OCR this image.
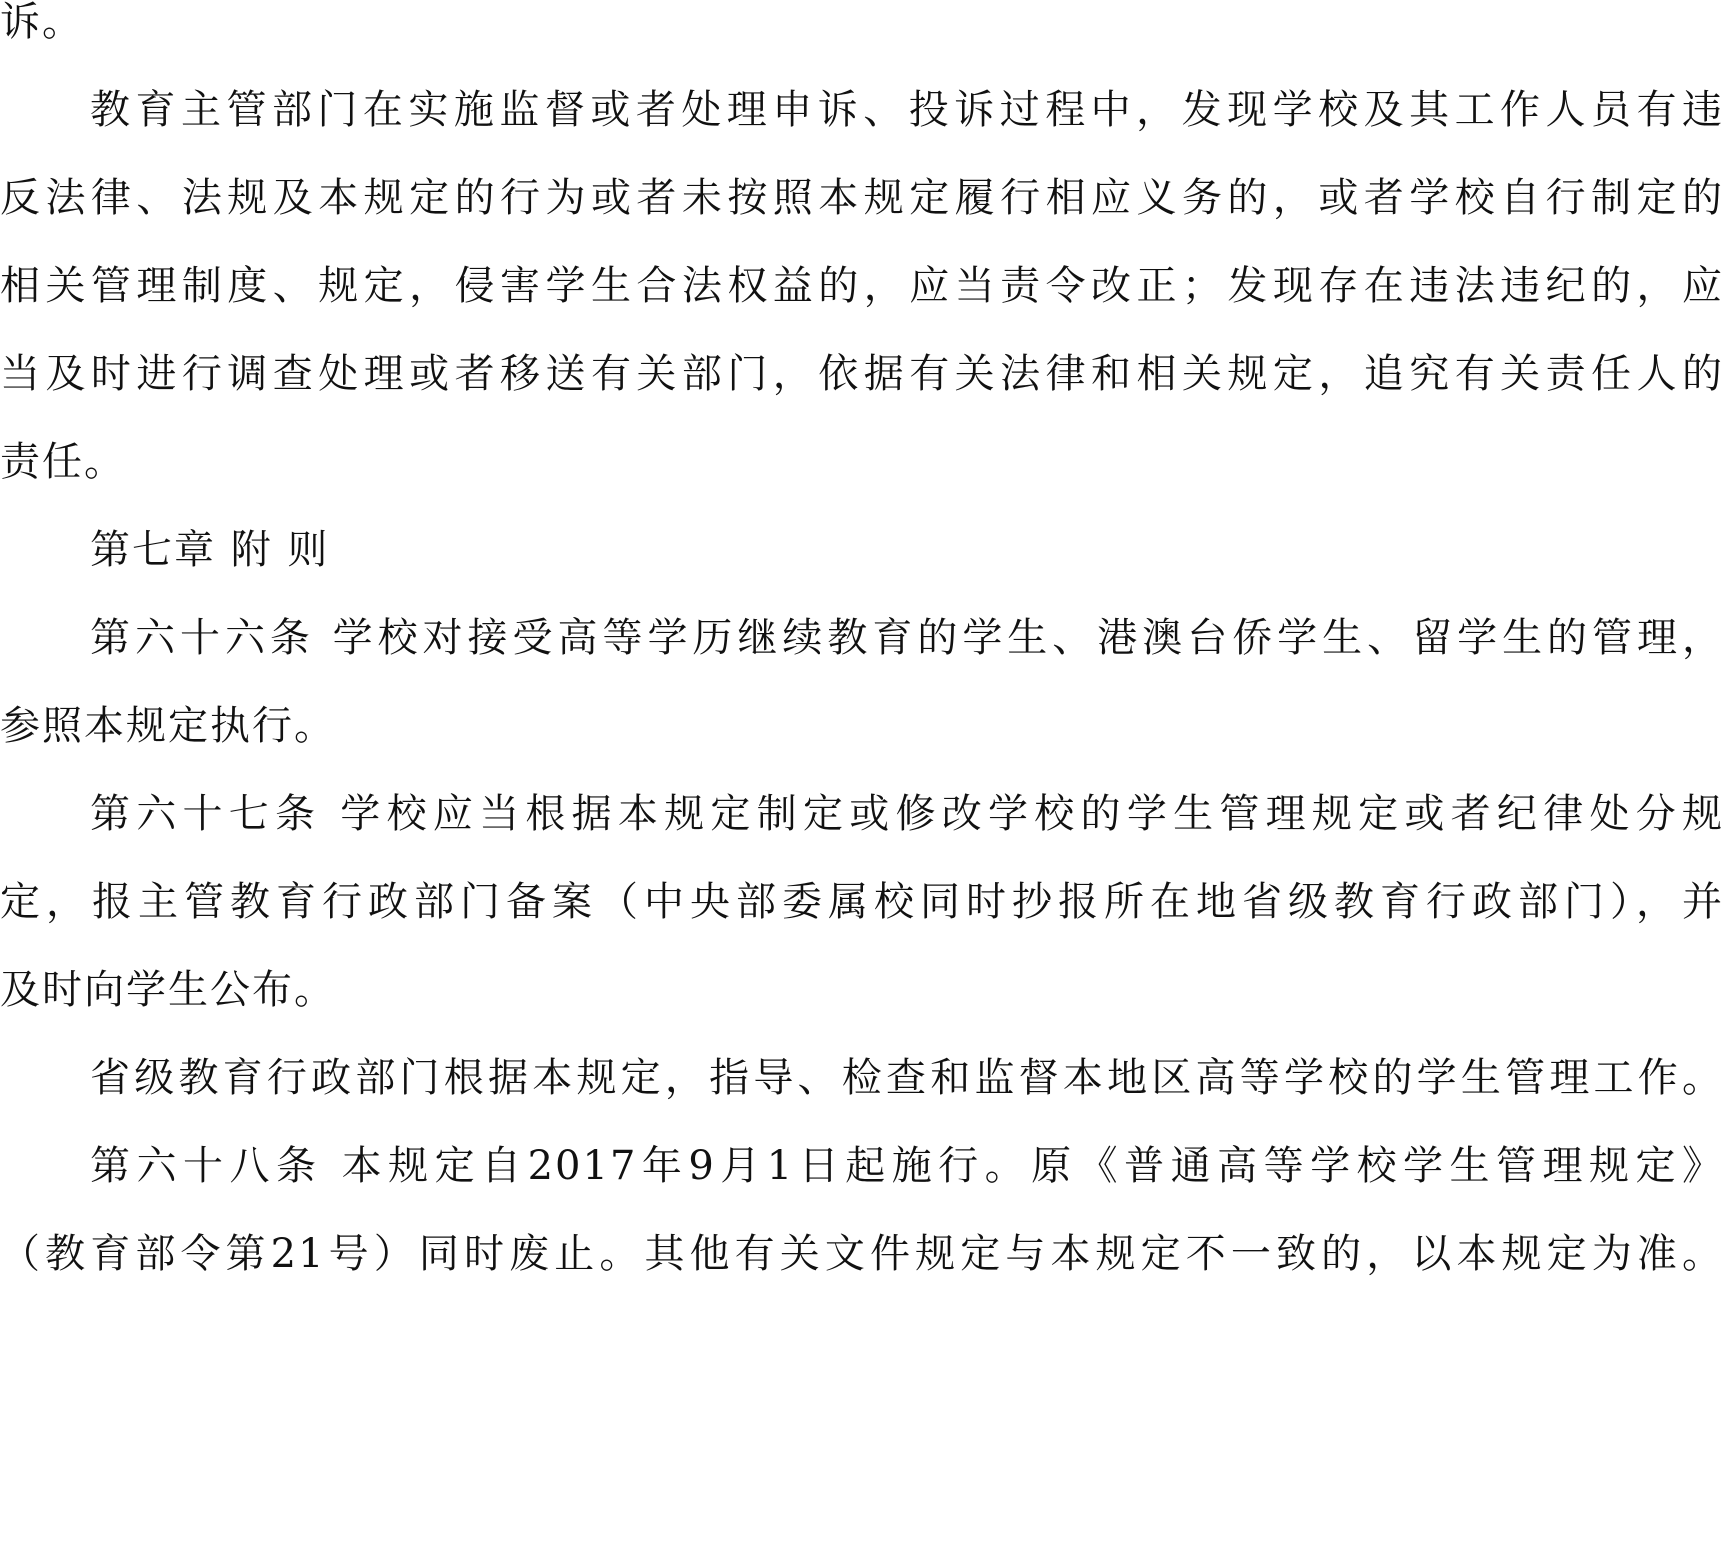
诉。
教育主管部门在实施监督或者处理申诉、投诉过程中，发现学校及其工作人员有违
反法律、法规及本规定的行为或者未按照本规定履行相应义务的，或者学校自行制定的
相关管理制度、规定，侵害学生合法权益的，应当责令改正；发现存在违法违纪的，应
当及时进行调查处理或者移送有关部门，依据有关法律和相关规定，追究有关责任人的
责任。
第七章 附 则
第六十六条 学校对接受高等学历继续教育的学生、港澳台侨学生、留学生的管理，
参照本规定执行。
第六十七条 学校应当根据本规定制定或修改学校的学生管理规定或者纪律处分规
定，报主管教育行政部门备案（中央部委属校同时抄报所在地省级教育行政部门），并
及时向学生公布。
省级教育行政部门根据本规定，指导、检查和监督本地区高等学校的学生管理工作。
第六十八条 本规定自2017年9月1日起施行。原《普通高等学校学生管理规定》
（教育部令第21号）同时废止。其他有关文件规定与本规定不一致的，以本规定为准。
